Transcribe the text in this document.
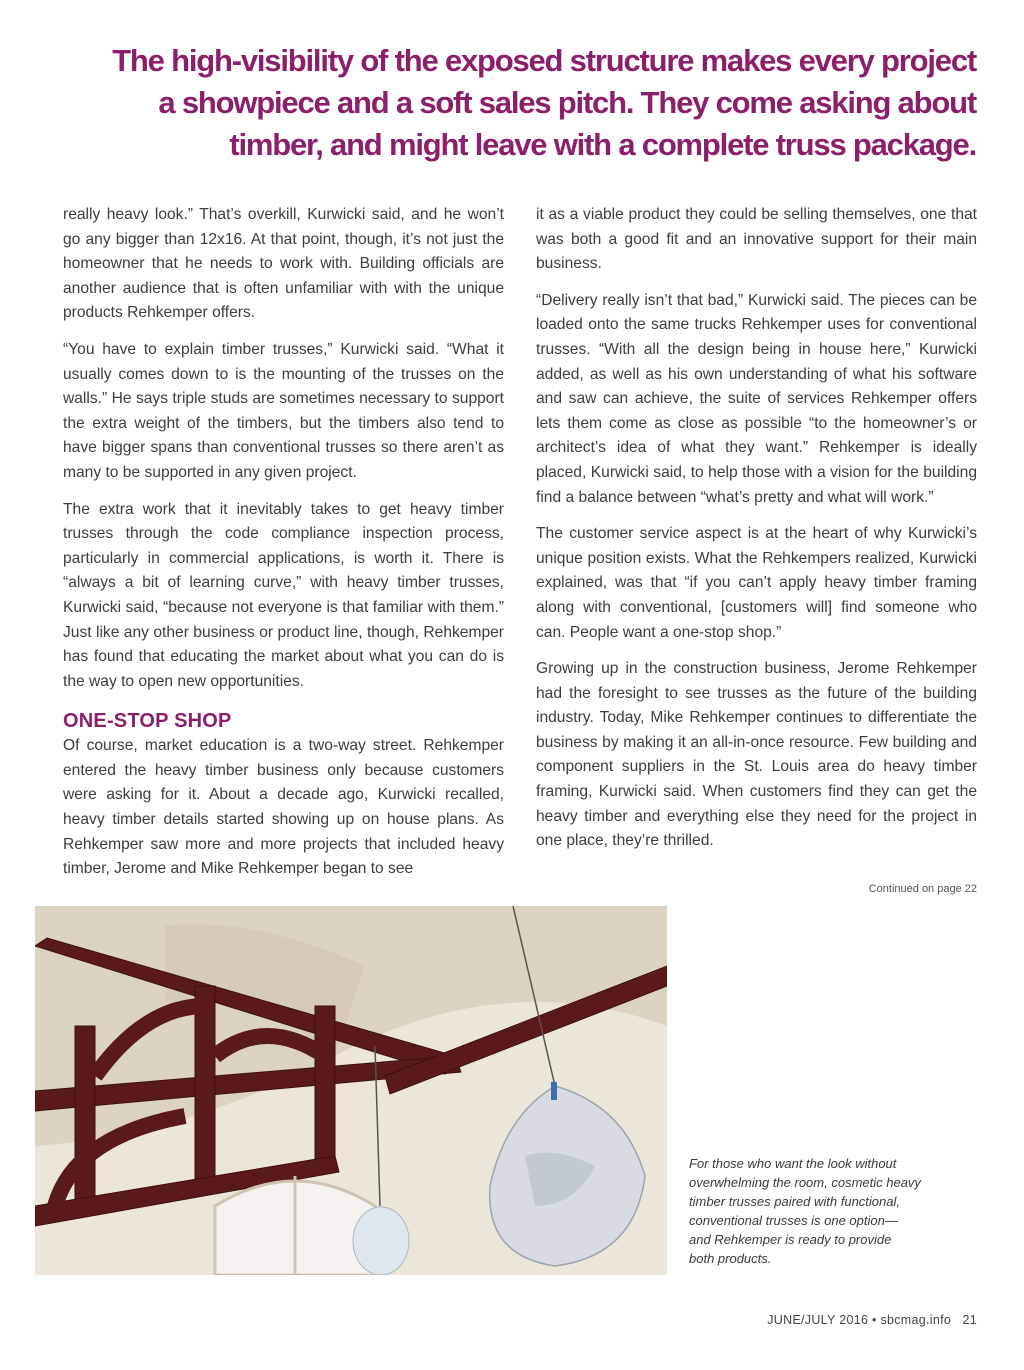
The high-visibility of the exposed structure makes every project
a showpiece and a soft sales pitch. They come asking about
timber, and might leave with a complete truss package.

really heavy look.” That’s overkill, Kurwicki said, and he won’t go any bigger than 12x16. At that point, though, it’s not just the homeowner that he needs to work with. Building officials are another audience that is often unfamiliar with with the unique products Rehkemper offers.

“You have to explain timber trusses,” Kurwicki said. “What it usually comes down to is the mounting of the trusses on the walls.” He says triple studs are sometimes necessary to support the extra weight of the timbers, but the timbers also tend to have bigger spans than conventional trusses so there aren’t as many to be supported in any given project.

The extra work that it inevitably takes to get heavy timber trusses through the code compliance inspection process, particularly in commercial applications, is worth it. There is “always a bit of learning curve,” with heavy timber trusses, Kurwicki said, “because not everyone is that familiar with them.” Just like any other business or product line, though, Rehkemper has found that educating the market about what you can do is the way to open new opportunities.

ONE-STOP SHOP

Of course, market education is a two-way street. Rehkemper entered the heavy timber business only because customers were asking for it. About a decade ago, Kurwicki recalled, heavy timber details started showing up on house plans. As Rehkemper saw more and more projects that included heavy timber, Jerome and Mike Rehkemper began to see

it as a viable product they could be selling themselves, one that was both a good fit and an innovative support for their main business.

“Delivery really isn’t that bad,” Kurwicki said. The pieces can be loaded onto the same trucks Rehkemper uses for conventional trusses. “With all the design being in house here,” Kurwicki added, as well as his own understanding of what his software and saw can achieve, the suite of services Rehkemper offers lets them come as close as possible “to the homeowner’s or architect’s idea of what they want.” Rehkemper is ideally placed, Kurwicki said, to help those with a vision for the building find a balance between “what’s pretty and what will work.”

The customer service aspect is at the heart of why Kurwicki’s unique position exists. What the Rehkempers realized, Kurwicki explained, was that “if you can’t apply heavy timber framing along with conventional, [customers will] find someone who can. People want a one-stop shop.”

Growing up in the construction business, Jerome Rehkemper had the foresight to see trusses as the future of the building industry. Today, Mike Rehkemper continues to differentiate the business by making it an all-in-once resource. Few building and component suppliers in the St. Louis area do heavy timber framing, Kurwicki said. When customers find they can get the heavy timber and everything else they need for the project in one place, they’re thrilled.

Continued on page 22
For those who want the look without
overwhelming the room, cosmetic heavy
timber trusses paired with functional,
conventional trusses is one option—
and Rehkemper is ready to provide
both products.
JUNE/JULY 2016 • sbcmag.info 21
